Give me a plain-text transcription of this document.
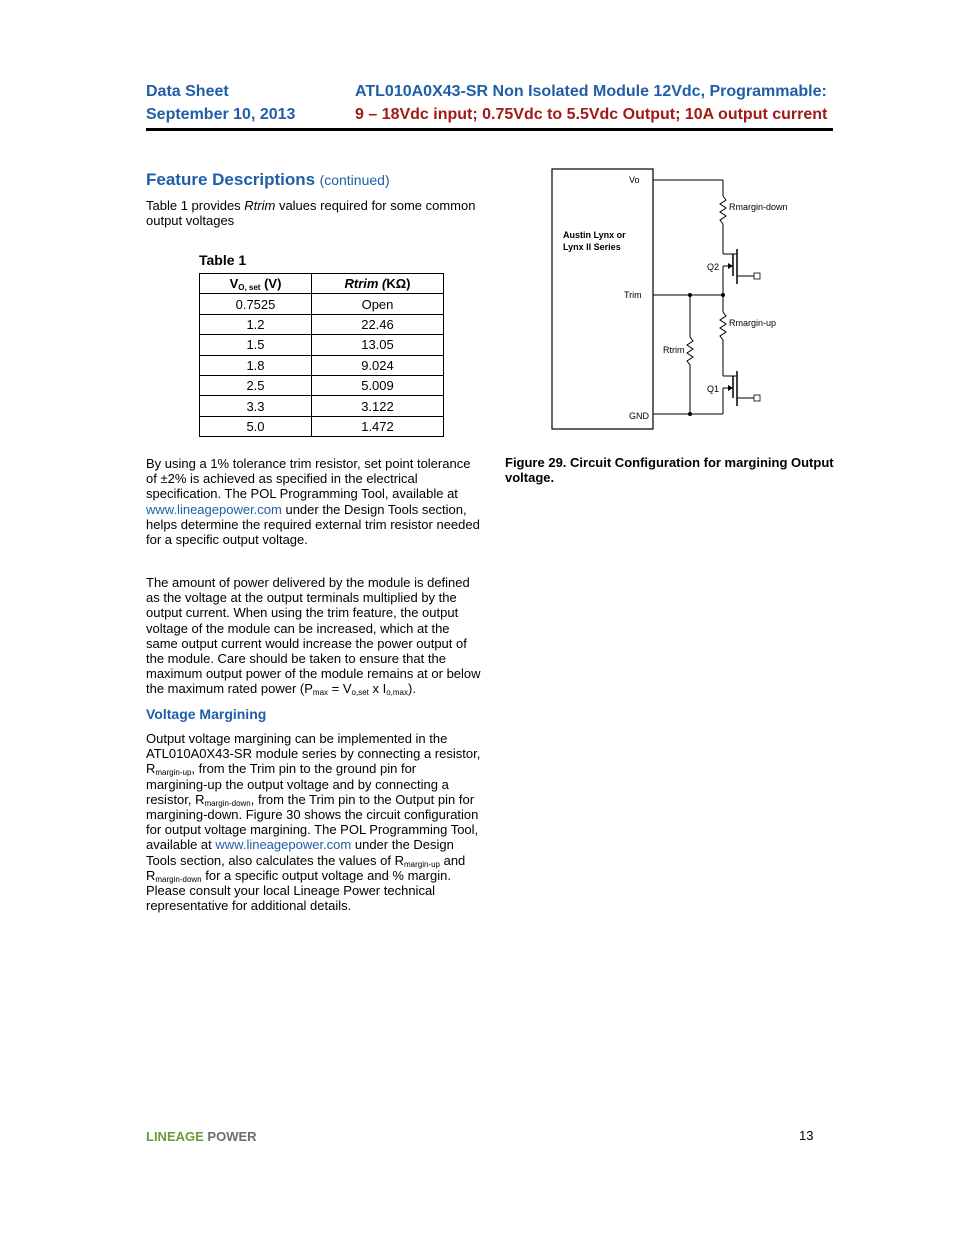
Data Sheet
September 10, 2013
ATL010A0X43-SR Non Isolated Module 12Vdc, Programmable:
9 – 18Vdc input; 0.75Vdc to 5.5Vdc Output; 10A output current
Feature Descriptions (continued)
Table 1 provides Rtrim values required for some common output voltages
Table 1
$V_{O, set}$ (V)	Rtrim (KΩ)
0.7525	Open
1.2	22.46
1.5	13.05
1.8	9.024
2.5	5.009
3.3	3.122
5.0	1.472
By using a 1% tolerance trim resistor, set point tolerance of ±2% is achieved as specified in the electrical specification. The POL Programming Tool, available at www.lineagepower.com under the Design Tools section, helps determine the required external trim resistor needed for a specific output voltage.
The amount of power delivered by the module is defined as the voltage at the output terminals multiplied by the output current. When using the trim feature, the output voltage of the module can be increased, which at the same output current would increase the power output of the module. Care should be taken to ensure that the maximum output power of the module remains at or below the maximum rated power ($P_{max} = V_{o,set}$ x $I_{o,max}$).
Voltage Margining
Output voltage margining can be implemented in the ATL010A0X43-SR module series by connecting a resistor, $R_{margin-up}$, from the Trim pin to the ground pin for margining-up the output voltage and by connecting a resistor, $R_{margin-down}$, from the Trim pin to the Output pin for margining-down. Figure 30 shows the circuit configuration for output voltage margining. The POL Programming Tool, available at www.lineagepower.com under the Design Tools section, also calculates the values of $R_{margin-up}$ and $R_{margin-down}$ for a specific output voltage and % margin. Please consult your local Lineage Power technical representative for additional details.
Austin Lynx or
Lynx II Series
Vo
Trim
GND
Rmargin-down
Q2
Rmargin-up
Q1
Rtrim
Figure 29. Circuit Configuration for margining Output voltage.
LINEAGE POWER	13
